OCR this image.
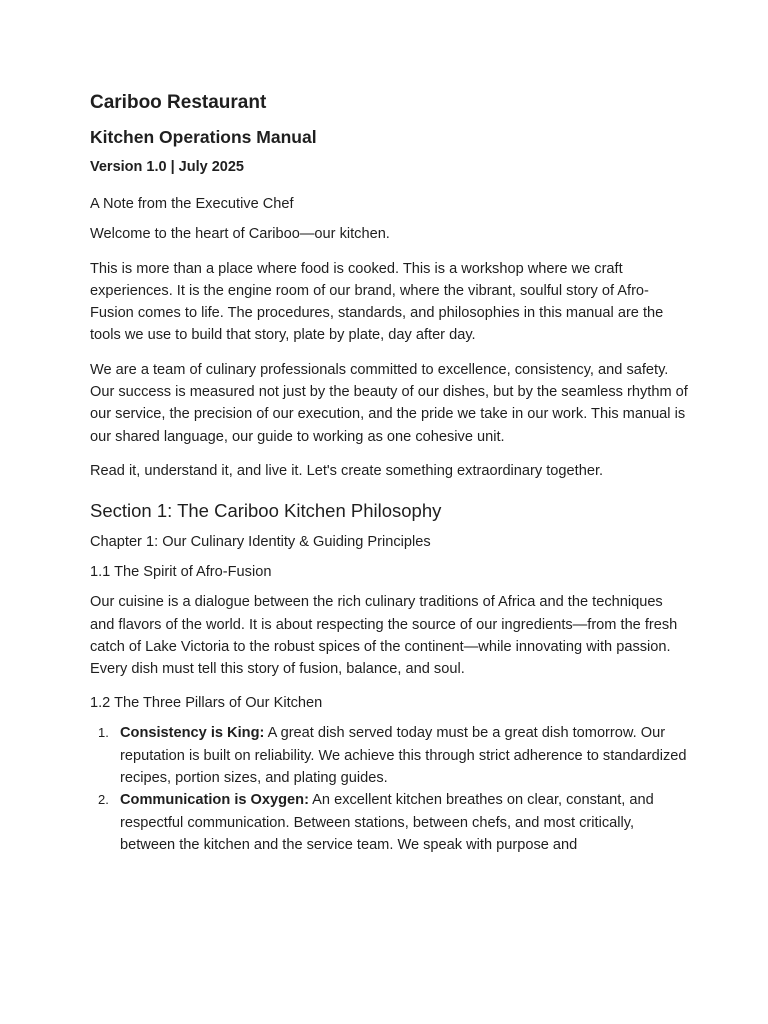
Cariboo Restaurant
Kitchen Operations Manual
Version 1.0 | July 2025

A Note from the Executive Chef

Welcome to the heart of Cariboo—our kitchen.

This is more than a place where food is cooked. This is a workshop where we craft experiences. It is the engine room of our brand, where the vibrant, soulful story of Afro-Fusion comes to life. The procedures, standards, and philosophies in this manual are the tools we use to build that story, plate by plate, day after day.

We are a team of culinary professionals committed to excellence, consistency, and safety. Our success is measured not just by the beauty of our dishes, but by the seamless rhythm of our service, the precision of our execution, and the pride we take in our work. This manual is our shared language, our guide to working as one cohesive unit.

Read it, understand it, and live it. Let's create something extraordinary together.

Section 1: The Cariboo Kitchen Philosophy
Chapter 1: Our Culinary Identity & Guiding Principles
1.1 The Spirit of Afro-Fusion

Our cuisine is a dialogue between the rich culinary traditions of Africa and the techniques and flavors of the world. It is about respecting the source of our ingredients—from the fresh catch of Lake Victoria to the robust spices of the continent—while innovating with passion. Every dish must tell this story of fusion, balance, and soul.

1.2 The Three Pillars of Our Kitchen
1. Consistency is King: A great dish served today must be a great dish tomorrow. Our reputation is built on reliability. We achieve this through strict adherence to standardized recipes, portion sizes, and plating guides.
2. Communication is Oxygen: An excellent kitchen breathes on clear, constant, and respectful communication. Between stations, between chefs, and most critically, between the kitchen and the service team. We speak with purpose and
